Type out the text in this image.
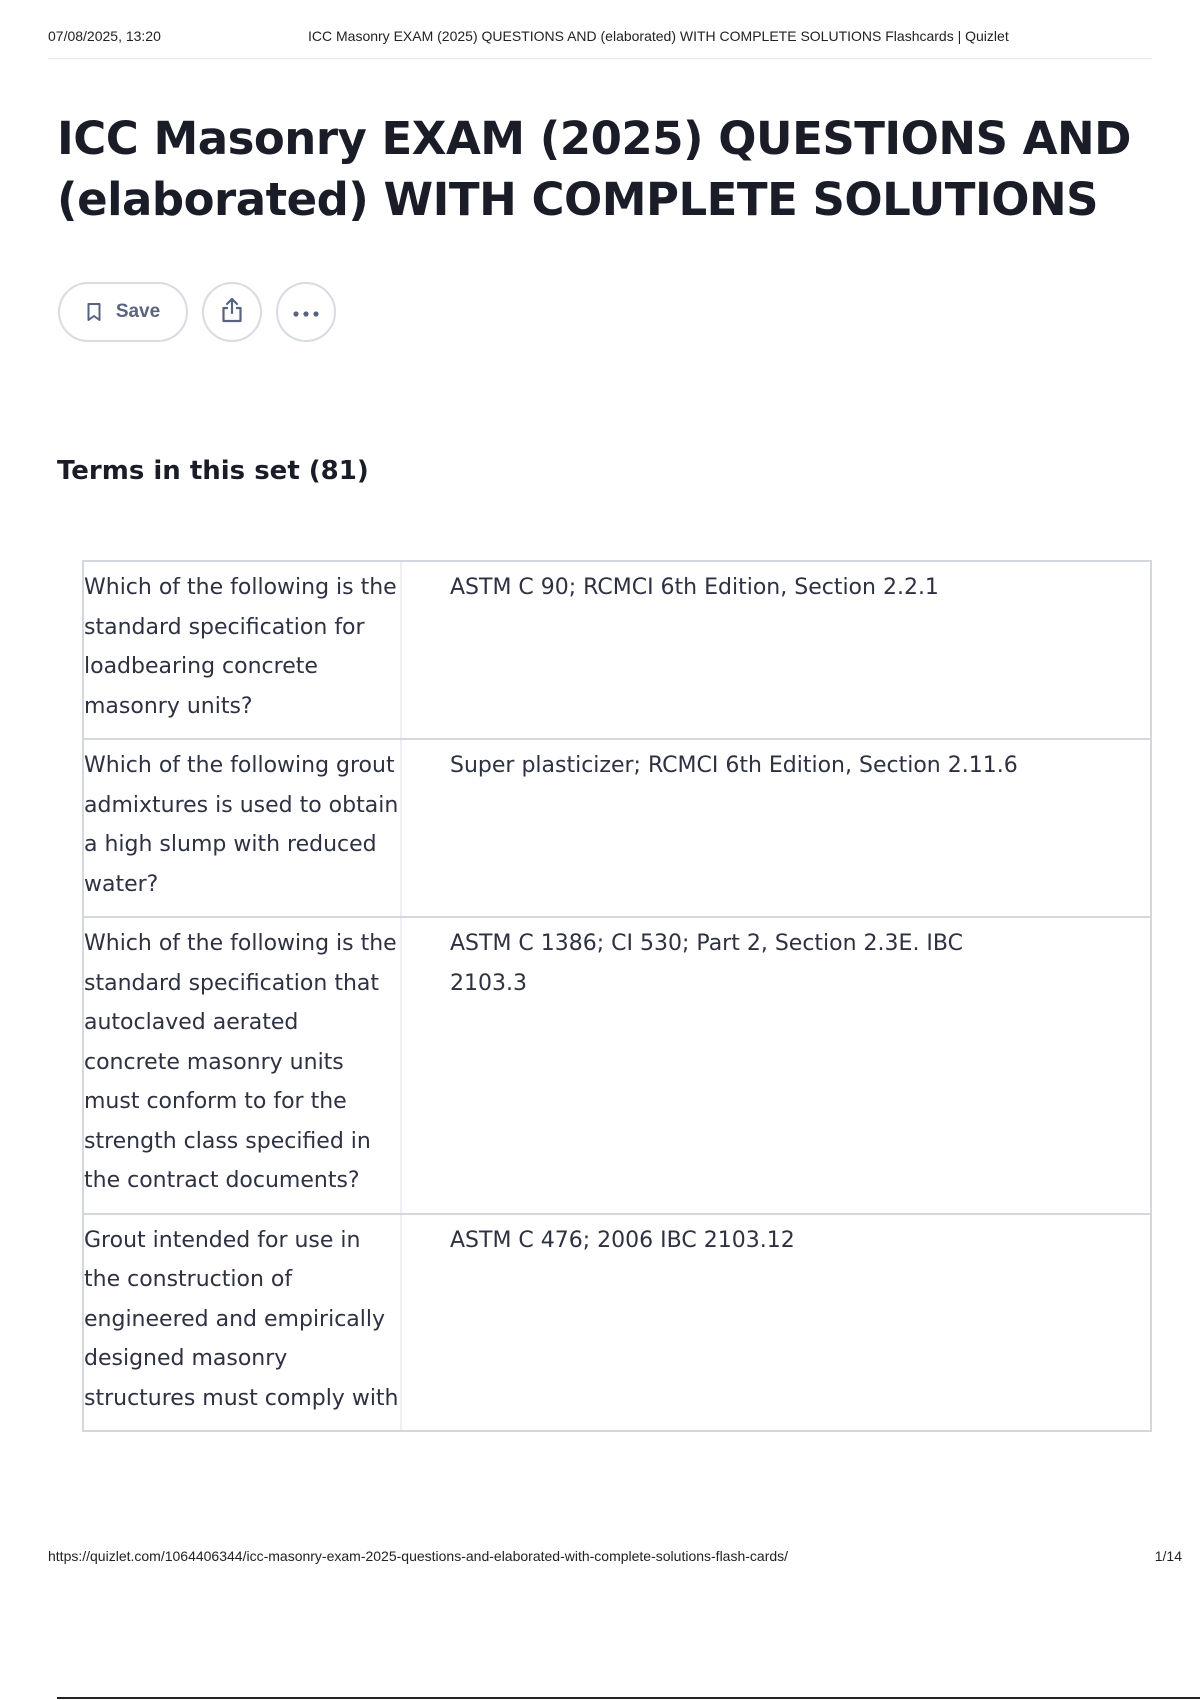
07/08/2025, 13:20	ICC Masonry EXAM (2025) QUESTIONS AND (elaborated) WITH COMPLETE SOLUTIONS Flashcards | Quizlet
ICC Masonry EXAM (2025) QUESTIONS AND (elaborated) WITH COMPLETE SOLUTIONS
Save
Terms in this set (81)
Which of the following is the standard specification for loadbearing concrete masonry units?
ASTM C 90; RCMCI 6th Edition, Section 2.2.1
Which of the following grout admixtures is used to obtain a high slump with reduced water?
Super plasticizer; RCMCI 6th Edition, Section 2.11.6
Which of the following is the standard specification that autoclaved aerated concrete masonry units must conform to for the strength class specified in the contract documents?
ASTM C 1386; CI 530; Part 2, Section 2.3E. IBC 2103.3
Grout intended for use in the construction of engineered and empirically designed masonry structures must comply with
ASTM C 476; 2006 IBC 2103.12
https://quizlet.com/1064406344/icc-masonry-exam-2025-questions-and-elaborated-with-complete-solutions-flash-cards/	1/14
